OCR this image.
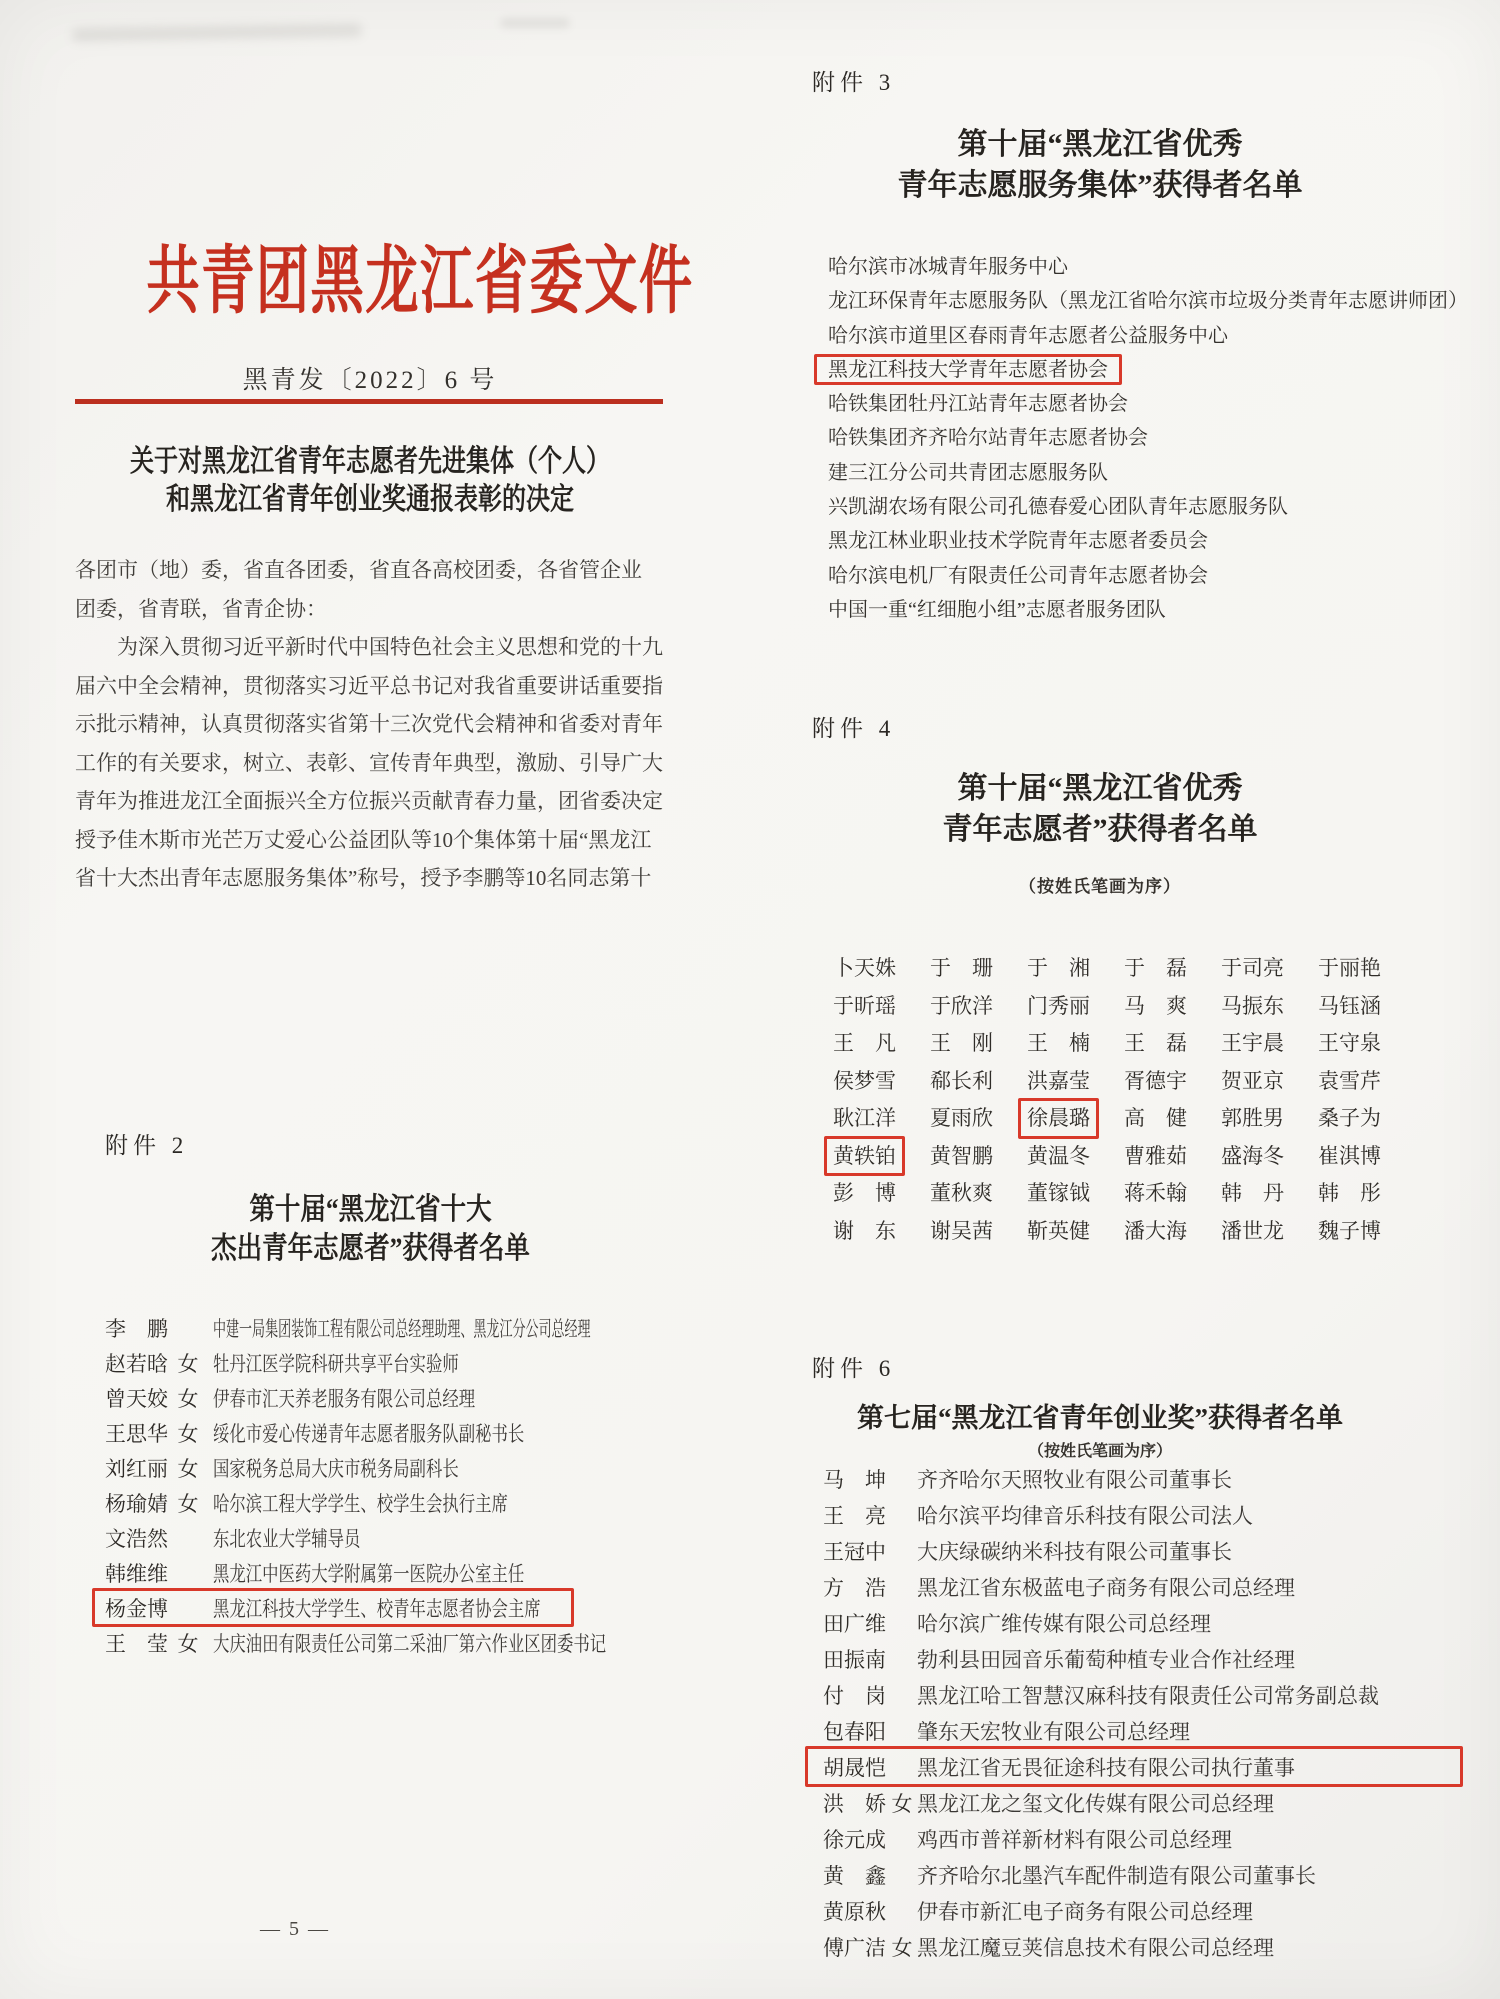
共青团黑龙江省委文件
黑青发〔2022〕6 号
关于对黑龙江省青年志愿者先进集体（个人）
和黑龙江省青年创业奖通报表彰的决定
各团市（地）委，省直各团委，省直各高校团委，各省管企业
团委，省青联，省青企协：
　　为深入贯彻习近平新时代中国特色社会主义思想和党的十九
届六中全会精神，贯彻落实习近平总书记对我省重要讲话重要指
示批示精神，认真贯彻落实省第十三次党代会精神和省委对青年
工作的有关要求，树立、表彰、宣传青年典型，激励、引导广大
青年为推进龙江全面振兴全方位振兴贡献青春力量，团省委决定
授予佳木斯市光芒万丈爱心公益团队等10个集体第十届“黑龙江
省十大杰出青年志愿服务集体”称号，授予李鹏等10名同志第十
附件 2
第十届“黑龙江省十大
杰出青年志愿者”获得者名单
李　鹏 中建一局集团装饰工程有限公司总经理助理、黑龙江分公司总经理
赵若晗 女 牡丹江医学院科研共享平台实验师
曾天姣 女 伊春市汇天养老服务有限公司总经理
王思华 女 绥化市爱心传递青年志愿者服务队副秘书长
刘红丽 女 国家税务总局大庆市税务局副科长
杨瑜婧 女 哈尔滨工程大学学生、校学生会执行主席
文浩然 东北农业大学辅导员
韩维维 黑龙江中医药大学附属第一医院办公室主任
杨金博 黑龙江科技大学学生、校青年志愿者协会主席
王　莹 女 大庆油田有限责任公司第二采油厂第六作业区团委书记
— 5 —
附件 3
第十届“黑龙江省优秀
青年志愿服务集体”获得者名单
哈尔滨市冰城青年服务中心
龙江环保青年志愿服务队（黑龙江省哈尔滨市垃圾分类青年志愿讲师团）
哈尔滨市道里区春雨青年志愿者公益服务中心
黑龙江科技大学青年志愿者协会
哈铁集团牡丹江站青年志愿者协会
哈铁集团齐齐哈尔站青年志愿者协会
建三江分公司共青团志愿服务队
兴凯湖农场有限公司孔德春爱心团队青年志愿服务队
黑龙江林业职业技术学院青年志愿者委员会
哈尔滨电机厂有限责任公司青年志愿者协会
中国一重“红细胞小组”志愿者服务团队
附件 4
第十届“黑龙江省优秀
青年志愿者”获得者名单
（按姓氏笔画为序）
卜天姝 于　珊 于　湘 于　磊 于司亮 于丽艳
于昕瑶 于欣洋 门秀丽 马　爽 马振东 马钰涵
王　凡 王　刚 王　楠 王　磊 王宇晨 王守泉
侯梦雪 郗长利 洪嘉莹 胥德宇 贺亚京 袁雪芹
耿江洋 夏雨欣 徐晨璐 高　健 郭胜男 桑子为
黄轶铂 黄智鹏 黄温冬 曹雅茹 盛海冬 崔淇博
彭　博 董秋爽 董镓钺 蒋禾翰 韩　丹 韩　彤
谢　东 谢吴茜 靳英健 潘大海 潘世龙 魏子博
附件 6
第七届“黑龙江省青年创业奖”获得者名单
（按姓氏笔画为序）
马　坤 齐齐哈尔天照牧业有限公司董事长
王　亮 哈尔滨平均律音乐科技有限公司法人
王冠中 大庆绿碳纳米科技有限公司董事长
方　浩 黑龙江省东极蓝电子商务有限公司总经理
田广维 哈尔滨广维传媒有限公司总经理
田振南 勃利县田园音乐葡萄种植专业合作社经理
付　岗 黑龙江哈工智慧汉麻科技有限责任公司常务副总裁
包春阳 肇东天宏牧业有限公司总经理
胡晟恺 黑龙江省无畏征途科技有限公司执行董事
洪　娇 女 黑龙江龙之玺文化传媒有限公司总经理
徐元成 鸡西市普祥新材料有限公司总经理
黄　鑫 齐齐哈尔北墨汽车配件制造有限公司董事长
黄原秋 伊春市新汇电子商务有限公司总经理
傅广洁 女 黑龙江魔豆荚信息技术有限公司总经理
